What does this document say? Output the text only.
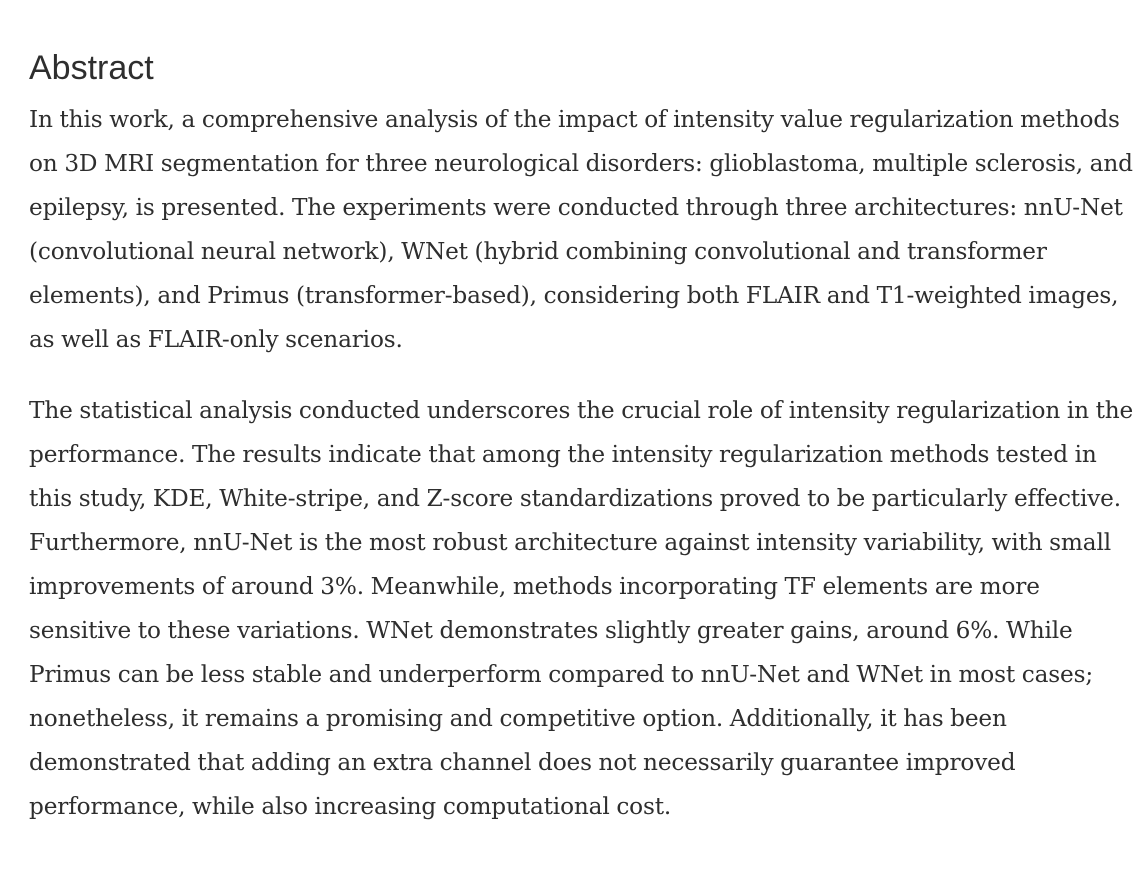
Abstract

In this work, a comprehensive analysis of the impact of intensity value regularization methods on 3D MRI segmentation for three neurological disorders: glioblastoma, multiple sclerosis, and epilepsy, is presented. The experiments were conducted through three architectures: nnU-Net (convolutional neural network), WNet (hybrid combining convolutional and transformer elements), and Primus (transformer-based), considering both FLAIR and T1-weighted images, as well as FLAIR-only scenarios.

The statistical analysis conducted underscores the crucial role of intensity regularization in the performance. The results indicate that among the intensity regularization methods tested in this study, KDE, White-stripe, and Z-score standardizations proved to be particularly effective. Furthermore, nnU-Net is the most robust architecture against intensity variability, with small improvements of around 3%. Meanwhile, methods incorporating TF elements are more sensitive to these variations. WNet demonstrates slightly greater gains, around 6%. While Primus can be less stable and underperform compared to nnU-Net and WNet in most cases; nonetheless, it remains a promising and competitive option. Additionally, it has been demonstrated that adding an extra channel does not necessarily guarantee improved performance, while also increasing computational cost.
